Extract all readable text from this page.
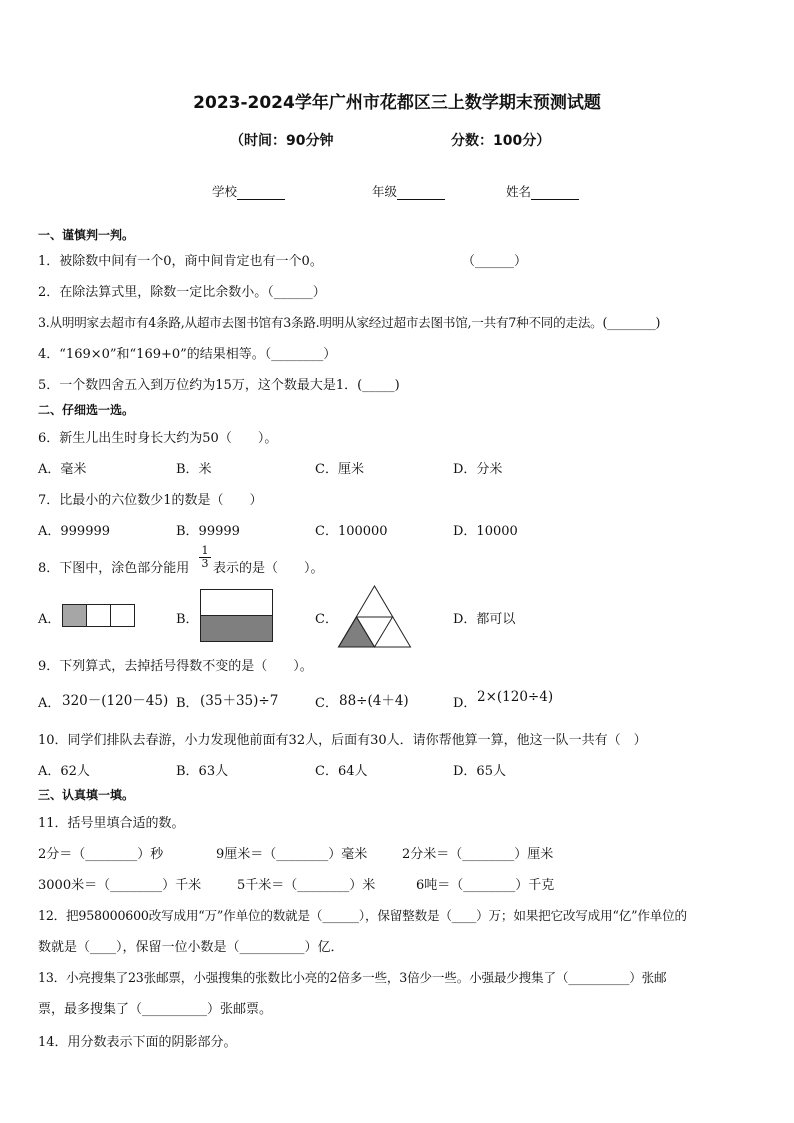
2023-2024学年广州市花都区三上数学期末预测试题
（时间：90分钟	分数：100分）
学校	年级	姓名
一、谨慎判一判。
1．被除数中间有一个0，商中间肯定也有一个0。	（______）
2．在除法算式里，除数一定比余数小。（______）
3.从明明家去超市有4条路,从超市去图书馆有3条路.明明从家经过超市去图书馆,一共有7种不同的走法。(________)
4．“169×0”和“169+0”的结果相等。（________）
5．一个数四舍五入到万位约为15万，这个数最大是1．(_____)
二、仔细选一选。
6．新生儿出生时身长大约为50（　　）。
A．毫米	B．米	C．厘米	D．分米
7．比最小的六位数少1的数是（　　）
A．999999	B．99999	C．100000	D．10000
8．下图中，涂色部分能用 $\frac{1}{3}$ 表示的是（　　）。
A．	B．	C．	D．都可以
9．下列算式，去掉括号得数不变的是（　　）。
A． 320－(120－45) B． (35＋35)÷7	C． 88÷(4＋4)	D． 2×(120÷4)
10．同学们排队去春游，小力发现他前面有32人，后面有30人．请你帮他算一算，他这一队一共有（　）
A．62人	B．63人	C．64人	D．65人
三、认真填一填。
11．括号里填合适的数。
2分＝（________）秒	9厘米＝（________）毫米	2分米＝（________）厘米
3000米＝（________）千米	5千米＝（________）米	6吨＝（________）千克
12．把958000600改写成用“万”作单位的数就是（______），保留整数是（____）万；如果把它改写成用“亿”作单位的
数就是（____），保留一位小数是（__________）亿．
13．小亮搜集了23张邮票，小强搜集的张数比小亮的2倍多一些，3倍少一些。小强最少搜集了（__________）张邮
票，最多搜集了（__________）张邮票。
14．用分数表示下面的阴影部分。
